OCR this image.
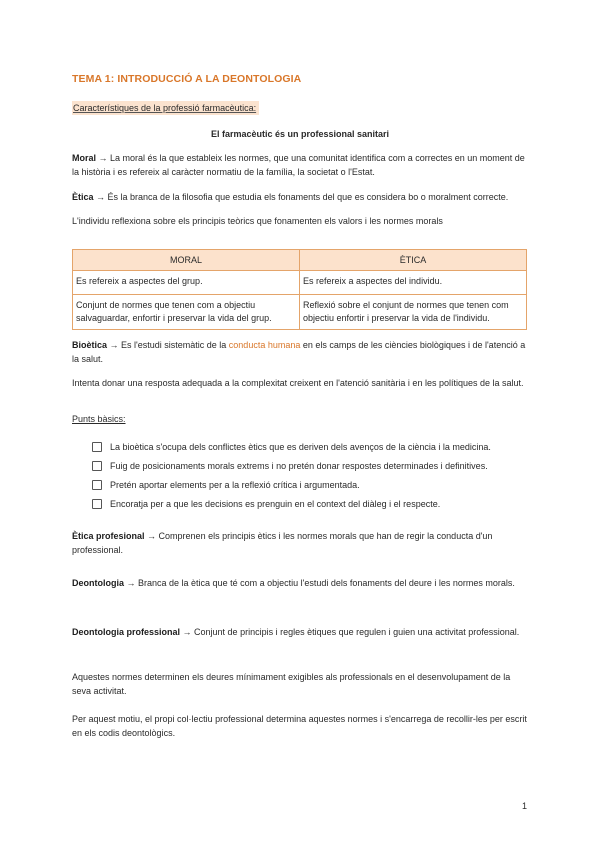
TEMA 1: INTRODUCCIÓ A LA DEONTOLOGIA
Característiques de la professió farmacèutica:
El farmacèutic és un professional sanitari
Moral → La moral és la que estableix les normes, que una comunitat identifica com a correctes en un moment de la història i es refereix al caràcter normatiu de la família, la societat o l'Estat.
Ètica → És la branca de la filosofia que estudia els fonaments del que es considera bo o moralment correcte.
L'individu reflexiona sobre els principis teòrics que fonamenten els valors i les normes morals
MORAL	ÈTICA
Es refereix a aspectes del grup.	Es refereix a aspectes del individu.
Conjunt de normes que tenen com a objectiu salvaguardar, enfortir i preservar la vida del grup.	Reflexió sobre el conjunt de normes que tenen com objectiu enfortir i preservar la vida de l'individu.
Bioètica → Es l'estudi sistemàtic de la conducta humana en els camps de les ciències biològiques i de l'atenció a la salut.
Intenta donar una resposta adequada a la complexitat creixent en l'atenció sanitària i en les polítiques de la salut.
Punts bàsics:
La bioètica s'ocupa dels conflictes ètics que es deriven dels avenços de la ciència i la medicina.
Fuig de posicionaments morals extrems i no pretén donar respostes determinades i definitives.
Pretén aportar elements per a la reflexió crítica i argumentada.
Encoratja per a que les decisions es prenguin en el context del diàleg i el respecte.
Ètica profesional → Comprenen els principis ètics i les normes morals que han de regir la conducta d'un professional.
Deontologia → Branca de la ètica que té com a objectiu l'estudi dels fonaments del deure i les normes morals.
Deontologia professional → Conjunt de principis i regles ètiques que regulen i guien una activitat professional.
Aquestes normes determinen els deures mínimament exigibles als professionals en el desenvolupament de la seva activitat.
Per aquest motiu, el propi col·lectiu professional determina aquestes normes i s'encarrega de recollir-les per escrit en els codis deontològics.
1
